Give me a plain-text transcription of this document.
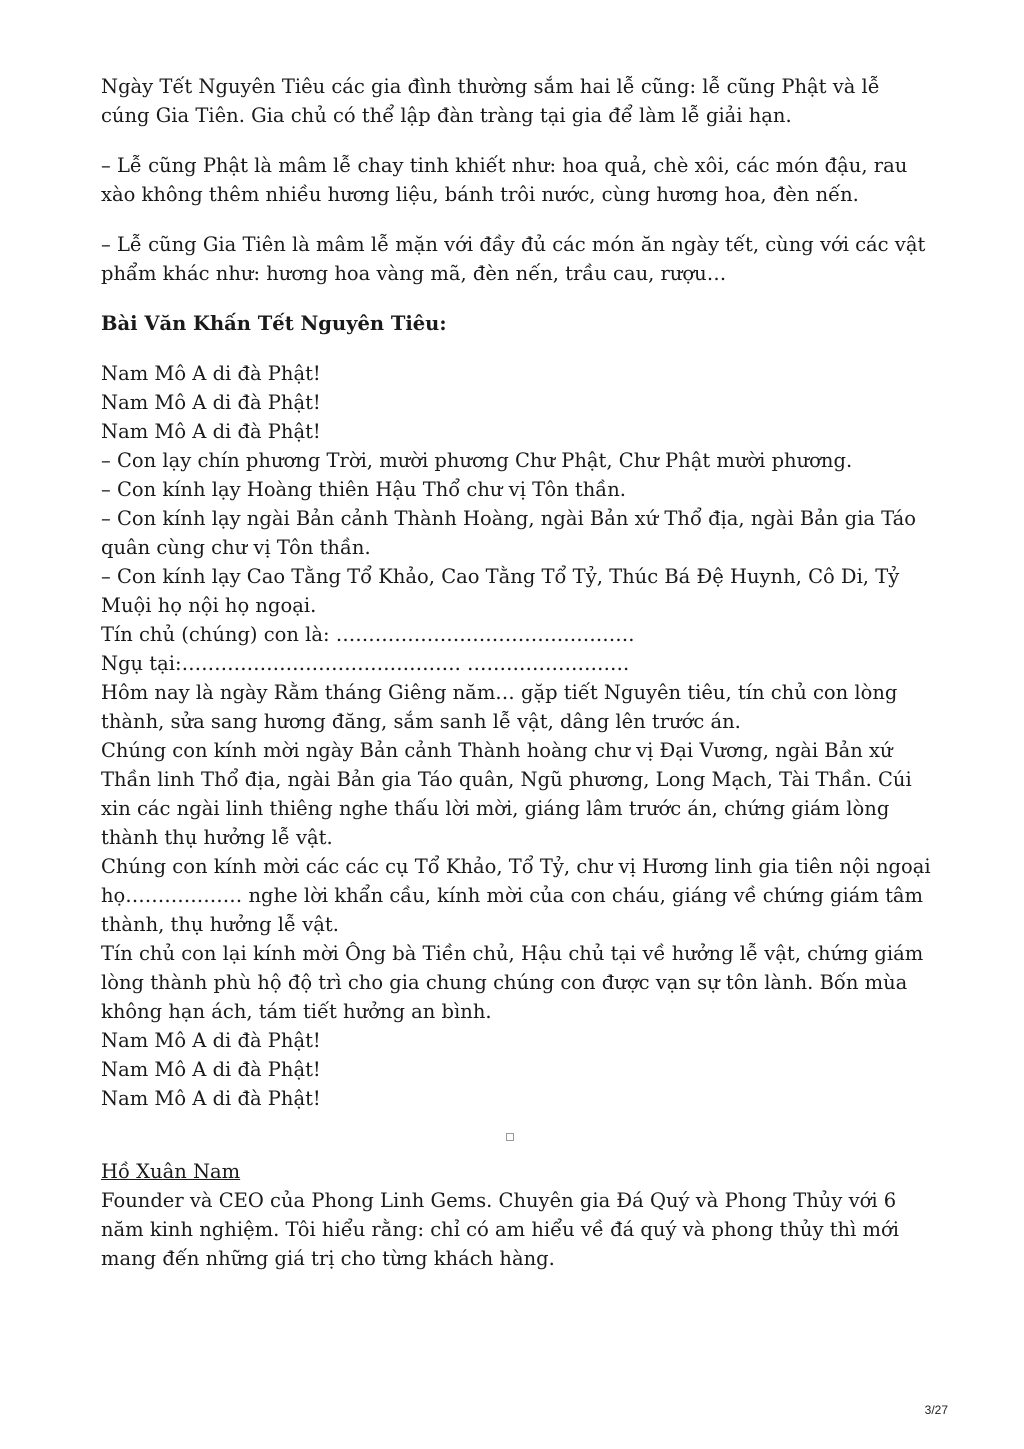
Ngày Tết Nguyên Tiêu các gia đình thường sắm hai lễ cũng: lễ cũng Phật và lễ cúng Gia Tiên. Gia chủ có thể lập đàn tràng tại gia để làm lễ giải hạn.

– Lễ cũng Phật là mâm lễ chay tinh khiết như: hoa quả, chè xôi, các món đậu, rau xào không thêm nhiều hương liệu, bánh trôi nước, cùng hương hoa, đèn nến.

– Lễ cũng Gia Tiên là mâm lễ mặn với đầy đủ các món ăn ngày tết, cùng với các vật phẩm khác như: hương hoa vàng mã, đèn nến, trầu cau, rượu…

Bài Văn Khấn Tết Nguyên Tiêu:
Nam Mô A di đà Phật!
Nam Mô A di đà Phật!
Nam Mô A di đà Phật!
– Con lạy chín phương Trời, mười phương Chư Phật, Chư Phật mười phương.
– Con kính lạy Hoàng thiên Hậu Thổ chư vị Tôn thần.
– Con kính lạy ngài Bản cảnh Thành Hoàng, ngài Bản xứ Thổ địa, ngài Bản gia Táo quân cùng chư vị Tôn thần.
– Con kính lạy Cao Tằng Tổ Khảo, Cao Tằng Tổ Tỷ, Thúc Bá Đệ Huynh, Cô Di, Tỷ Muội họ nội họ ngoại.
Tín chủ (chúng) con là: ……………………………………….
Ngụ tại:……………………………………. …………………….
Hôm nay là ngày Rằm tháng Giêng năm… gặp tiết Nguyên tiêu, tín chủ con lòng thành, sửa sang hương đăng, sắm sanh lễ vật, dâng lên trước án.
Chúng con kính mời ngày Bản cảnh Thành hoàng chư vị Đại Vương, ngài Bản xứ Thần linh Thổ địa, ngài Bản gia Táo quân, Ngũ phương, Long Mạch, Tài Thần. Cúi xin các ngài linh thiêng nghe thấu lời mời, giáng lâm trước án, chứng giám lòng thành thụ hưởng lễ vật.
Chúng con kính mời các các cụ Tổ Khảo, Tổ Tỷ, chư vị Hương linh gia tiên nội ngoại họ……………… nghe lời khẩn cầu, kính mời của con cháu, giáng về chứng giám tâm thành, thụ hưởng lễ vật.
Tín chủ con lại kính mời Ông bà Tiền chủ, Hậu chủ tại về hưởng lễ vật, chứng giám lòng thành phù hộ độ trì cho gia chung chúng con được vạn sự tôn lành. Bốn mùa không hạn ách, tám tiết hưởng an bình.
Nam Mô A di đà Phật!
Nam Mô A di đà Phật!
Nam Mô A di đà Phật!
Hồ Xuân Nam
Founder và CEO của Phong Linh Gems. Chuyên gia Đá Quý và Phong Thủy với 6 năm kinh nghiệm. Tôi hiểu rằng: chỉ có am hiểu về đá quý và phong thủy thì mới mang đến những giá trị cho từng khách hàng.
3/27
